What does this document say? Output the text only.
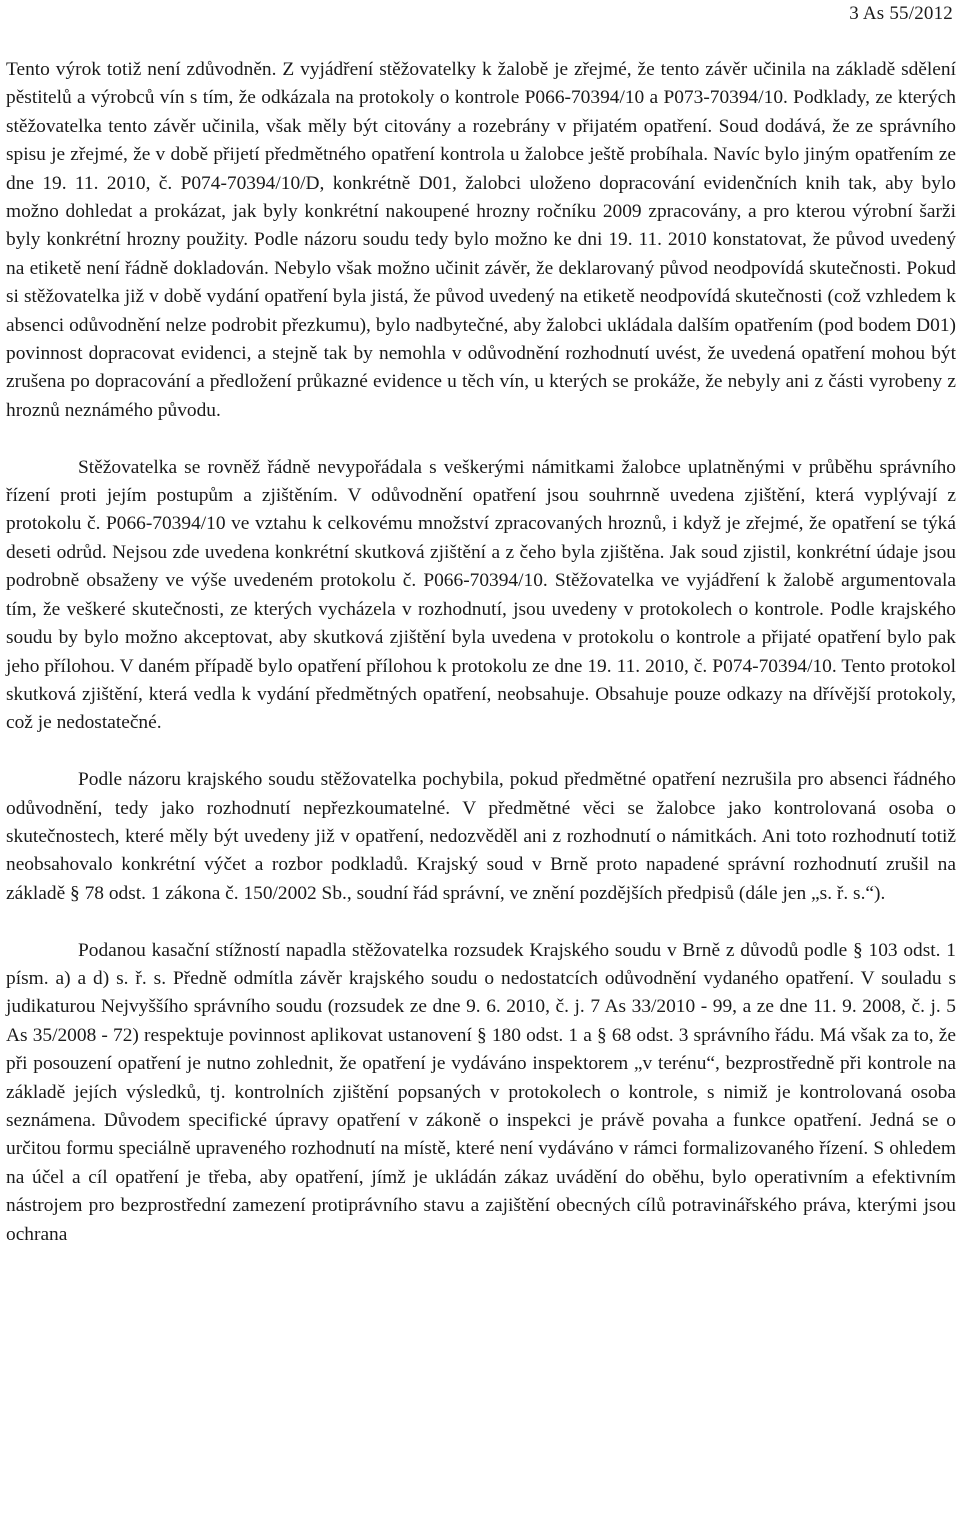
3 As 55/2012

Tento výrok totiž není zdůvodněn. Z vyjádření stěžovatelky k žalobě je zřejmé, že tento závěr učinila na základě sdělení pěstitelů a výrobců vín s tím, že odkázala na protokoly o kontrole P066-70394/10 a P073-70394/10. Podklady, ze kterých stěžovatelka tento závěr učinila, však měly být citovány a rozebrány v přijatém opatření. Soud dodává, že ze správního spisu je zřejmé, že v době přijetí předmětného opatření kontrola u žalobce ještě probíhala. Navíc bylo jiným opatřením ze dne 19. 11. 2010, č. P074-70394/10/D, konkrétně D01, žalobci uloženo dopracování evidenčních knih tak, aby bylo možno dohledat a prokázat, jak byly konkrétní nakoupené hrozny ročníku 2009 zpracovány, a pro kterou výrobní šarži byly konkrétní hrozny použity. Podle názoru soudu tedy bylo možno ke dni 19. 11. 2010 konstatovat, že původ uvedený na etiketě není řádně dokladován. Nebylo však možno učinit závěr, že deklarovaný původ neodpovídá skutečnosti. Pokud si stěžovatelka již v době vydání opatření byla jistá, že původ uvedený na etiketě neodpovídá skutečnosti (což vzhledem k absenci odůvodnění nelze podrobit přezkumu), bylo nadbytečné, aby žalobci ukládala dalším opatřením (pod bodem D01) povinnost dopracovat evidenci, a stejně tak by nemohla v odůvodnění rozhodnutí uvést, že uvedená opatření mohou být zrušena po dopracování a předložení průkazné evidence u těch vín, u kterých se prokáže, že nebyly ani z části vyrobeny z hroznů neznámého původu.

Stěžovatelka se rovněž řádně nevypořádala s veškerými námitkami žalobce uplatněnými v průběhu správního řízení proti jejím postupům a zjištěním. V odůvodnění opatření jsou souhrnně uvedena zjištění, která vyplývají z protokolu č. P066-70394/10 ve vztahu k celkovému množství zpracovaných hroznů, i když je zřejmé, že opatření se týká deseti odrůd. Nejsou zde uvedena konkrétní skutková zjištění a z čeho byla zjištěna. Jak soud zjistil, konkrétní údaje jsou podrobně obsaženy ve výše uvedeném protokolu č. P066-70394/10. Stěžovatelka ve vyjádření k žalobě argumentovala tím, že veškeré skutečnosti, ze kterých vycházela v rozhodnutí, jsou uvedeny v protokolech o kontrole. Podle krajského soudu by bylo možno akceptovat, aby skutková zjištění byla uvedena v protokolu o kontrole a přijaté opatření bylo pak jeho přílohou. V daném případě bylo opatření přílohou k protokolu ze dne 19. 11. 2010, č. P074-70394/10. Tento protokol skutková zjištění, která vedla k vydání předmětných opatření, neobsahuje. Obsahuje pouze odkazy na dřívější protokoly, což je nedostatečné.

Podle názoru krajského soudu stěžovatelka pochybila, pokud předmětné opatření nezrušila pro absenci řádného odůvodnění, tedy jako rozhodnutí nepřezkoumatelné. V předmětné věci se žalobce jako kontrolovaná osoba o skutečnostech, které měly být uvedeny již v opatření, nedozvěděl ani z rozhodnutí o námitkách. Ani toto rozhodnutí totiž neobsahovalo konkrétní výčet a rozbor podkladů. Krajský soud v Brně proto napadené správní rozhodnutí zrušil na základě § 78 odst. 1 zákona č. 150/2002 Sb., soudní řád správní, ve znění pozdějších předpisů (dále jen „s. ř. s.“).

Podanou kasační stížností napadla stěžovatelka rozsudek Krajského soudu v Brně z důvodů podle § 103 odst. 1 písm. a) a d) s. ř. s. Předně odmítla závěr krajského soudu o nedostatcích odůvodnění vydaného opatření. V souladu s judikaturou Nejvyššího správního soudu (rozsudek ze dne 9. 6. 2010, č. j. 7 As 33/2010 - 99, a ze dne 11. 9. 2008, č. j. 5 As 35/2008 - 72) respektuje povinnost aplikovat ustanovení § 180 odst. 1 a § 68 odst. 3 správního řádu. Má však za to, že při posouzení opatření je nutno zohlednit, že opatření je vydáváno inspektorem „v terénu“, bezprostředně při kontrole na základě jejích výsledků, tj. kontrolních zjištění popsaných v protokolech o kontrole, s nimiž je kontrolovaná osoba seznámena. Důvodem specifické úpravy opatření v zákoně o inspekci je právě povaha a funkce opatření. Jedná se o určitou formu speciálně upraveného rozhodnutí na místě, které není vydáváno v rámci formalizovaného řízení. S ohledem na účel a cíl opatření je třeba, aby opatření, jímž je ukládán zákaz uvádění do oběhu, bylo operativním a efektivním nástrojem pro bezprostřední zamezení protiprávního stavu a zajištění obecných cílů potravinářského práva, kterými jsou ochrana
